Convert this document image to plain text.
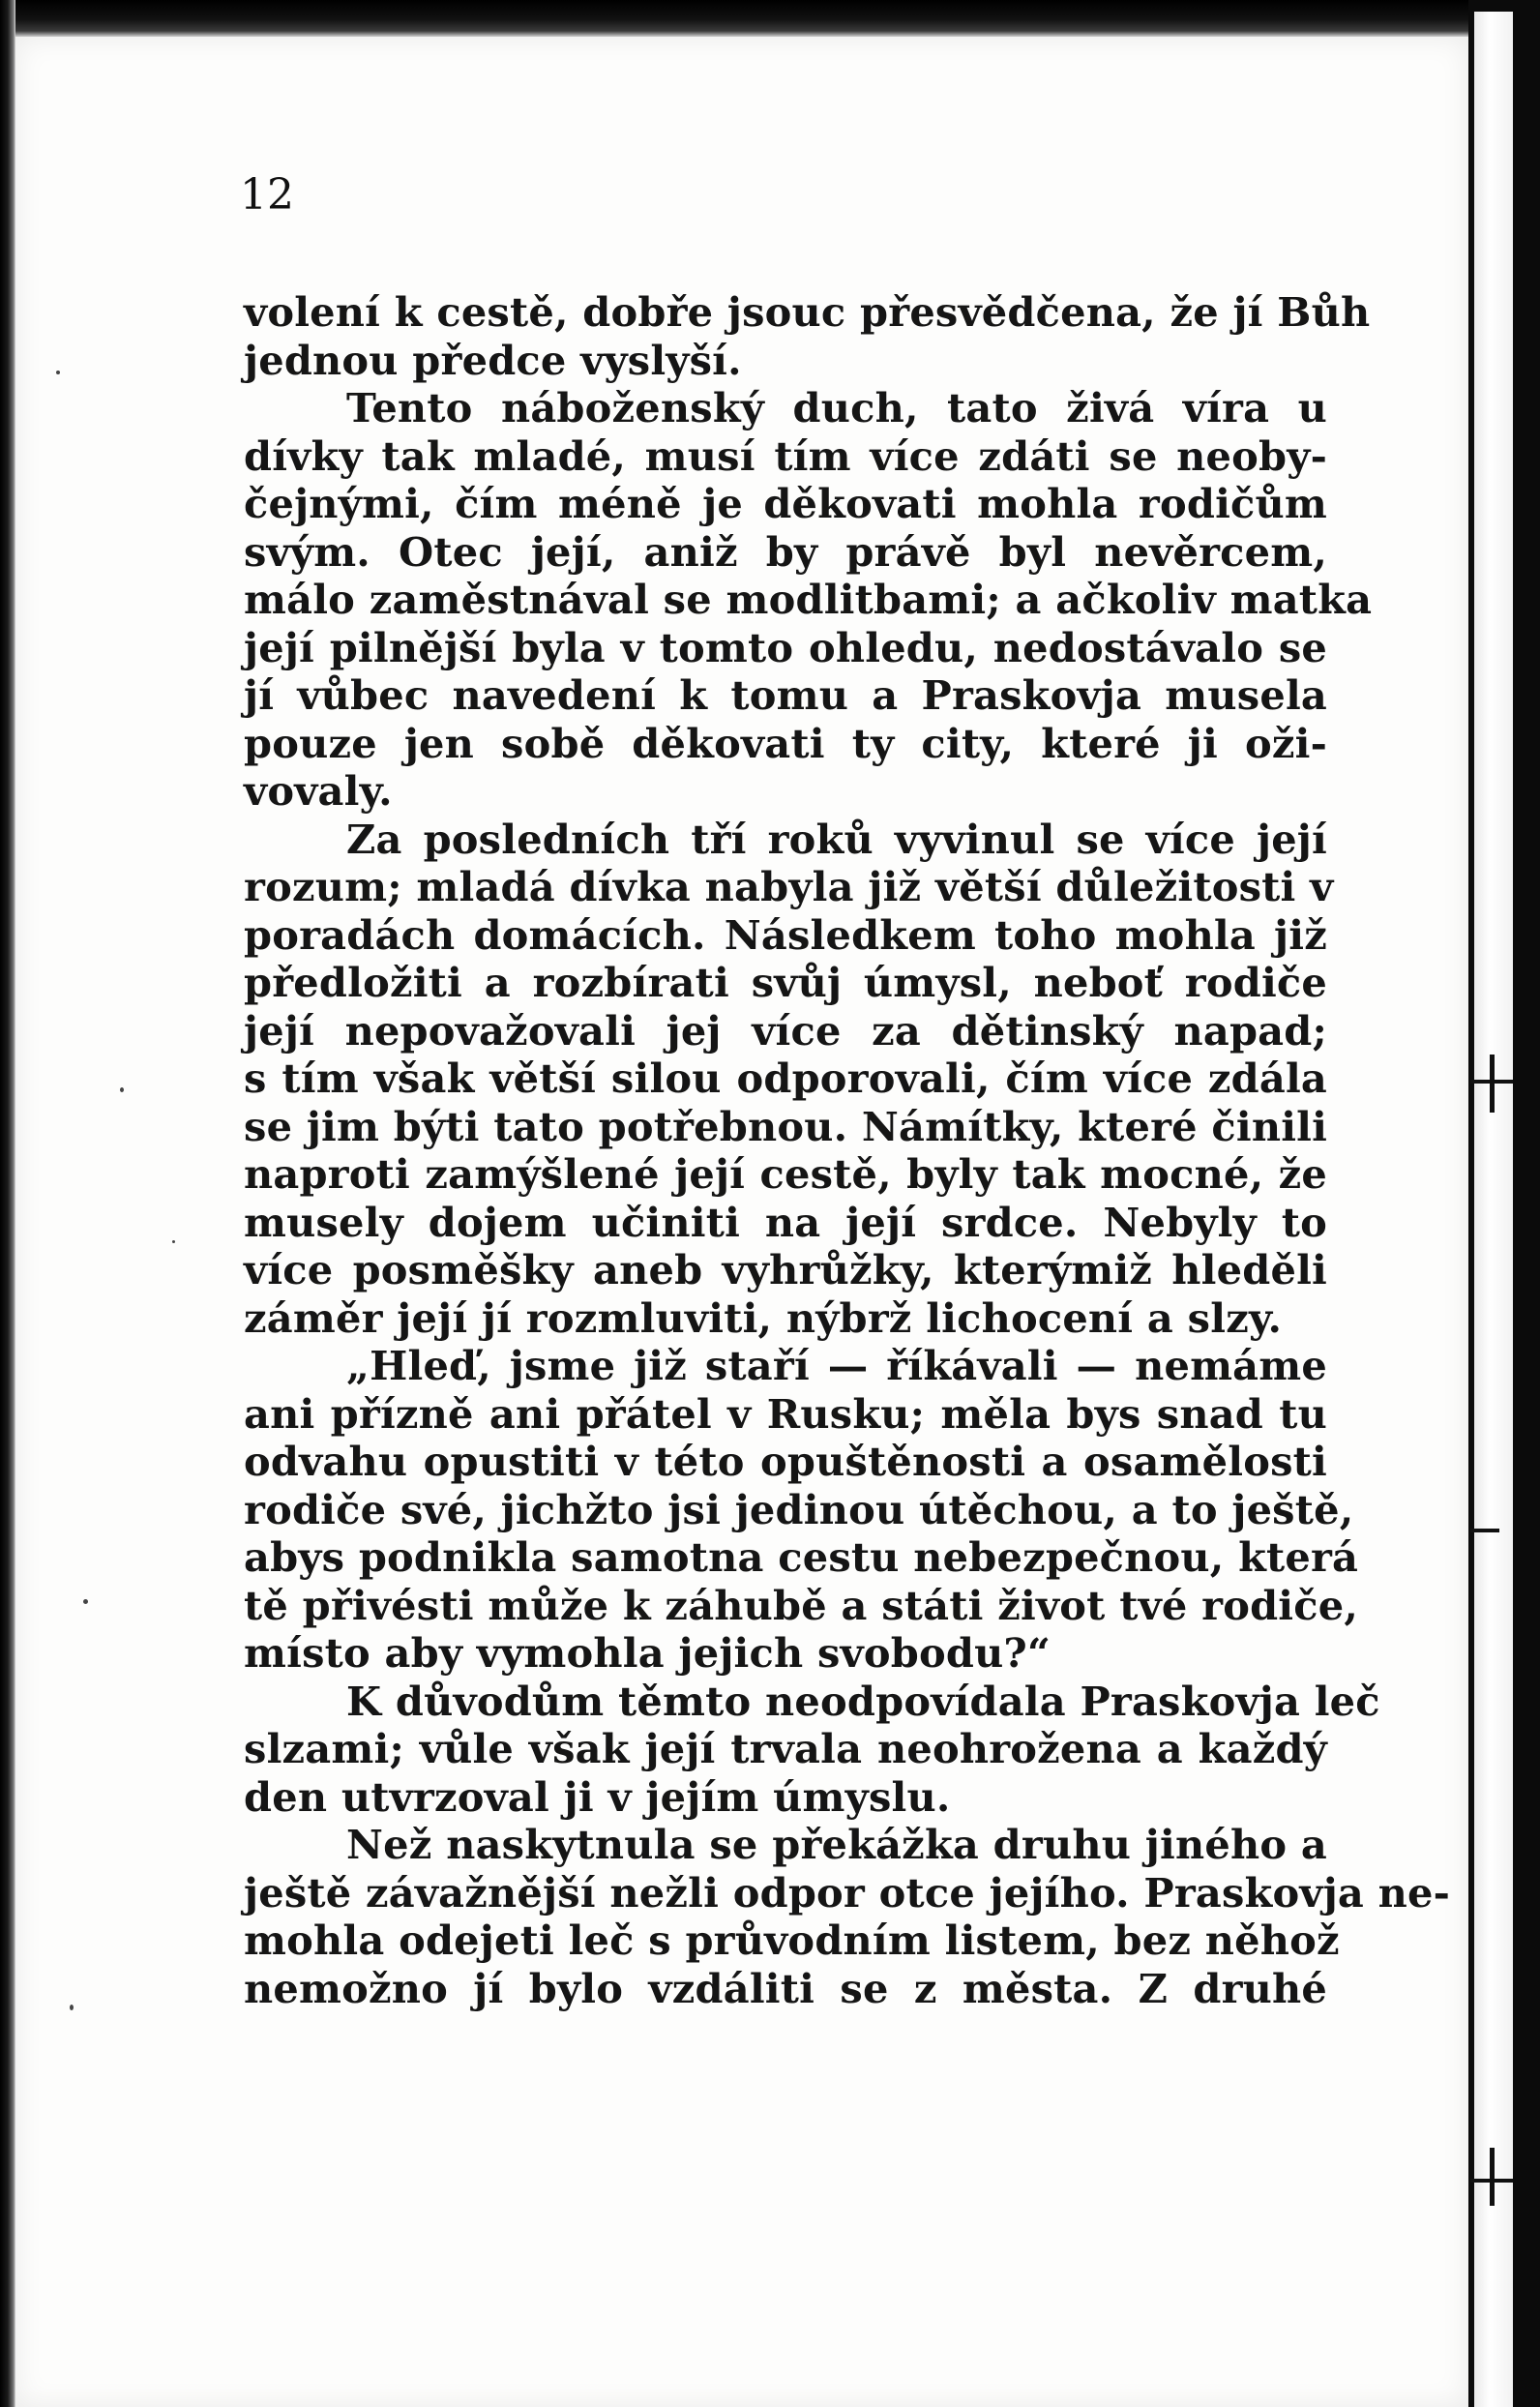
12

volení k cestě, dobře jsouc přesvědčena, že jí Bůh
jednou předce vyslyší.
Tento náboženský duch, tato živá víra u
dívky tak mladé, musí tím více zdáti se neoby-
čejnými, čím méně je děkovati mohla rodičům
svým. Otec její, aniž by právě byl nevěrcem,
málo zaměstnával se modlitbami; a ačkoliv matka
její pilnější byla v tomto ohledu, nedostávalo se
jí vůbec navedení k tomu a Praskovja musela
pouze jen sobě děkovati ty city, které ji oži-
vovaly.
Za posledních tří roků vyvinul se více její
rozum; mladá dívka nabyla již větší důležitosti v
poradách domácích. Následkem toho mohla již
předložiti a rozbírati svůj úmysl, neboť rodiče
její nepovažovali jej více za dětinský napad;
s tím však větší silou odporovali, čím více zdála
se jim býti tato potřebnou. Námítky, které činili
naproti zamýšlené její cestě, byly tak mocné, že
musely dojem učiniti na její srdce. Nebyly to
více posměšky aneb vyhrůžky, kterýmiž hleděli
záměr její jí rozmluviti, nýbrž lichocení a slzy.
„Hleď, jsme již staří — říkávali — nemáme
ani přízně ani přátel v Rusku; měla bys snad tu
odvahu opustiti v této opuštěnosti a osamělosti
rodiče své, jichžto jsi jedinou útěchou, a to ještě,
abys podnikla samotna cestu nebezpečnou, která
tě přivésti může k záhubě a státi život tvé rodiče,
místo aby vymohla jejich svobodu?“
K důvodům těmto neodpovídala Praskovja leč
slzami; vůle však její trvala neohrožena a každý
den utvrzoval ji v jejím úmyslu.
Než naskytnula se překážka druhu jiného a
ještě závažnější nežli odpor otce jejího. Praskovja ne-
mohla odejeti leč s průvodním listem, bez něhož
nemožno jí bylo vzdáliti se z města. Z druhé
